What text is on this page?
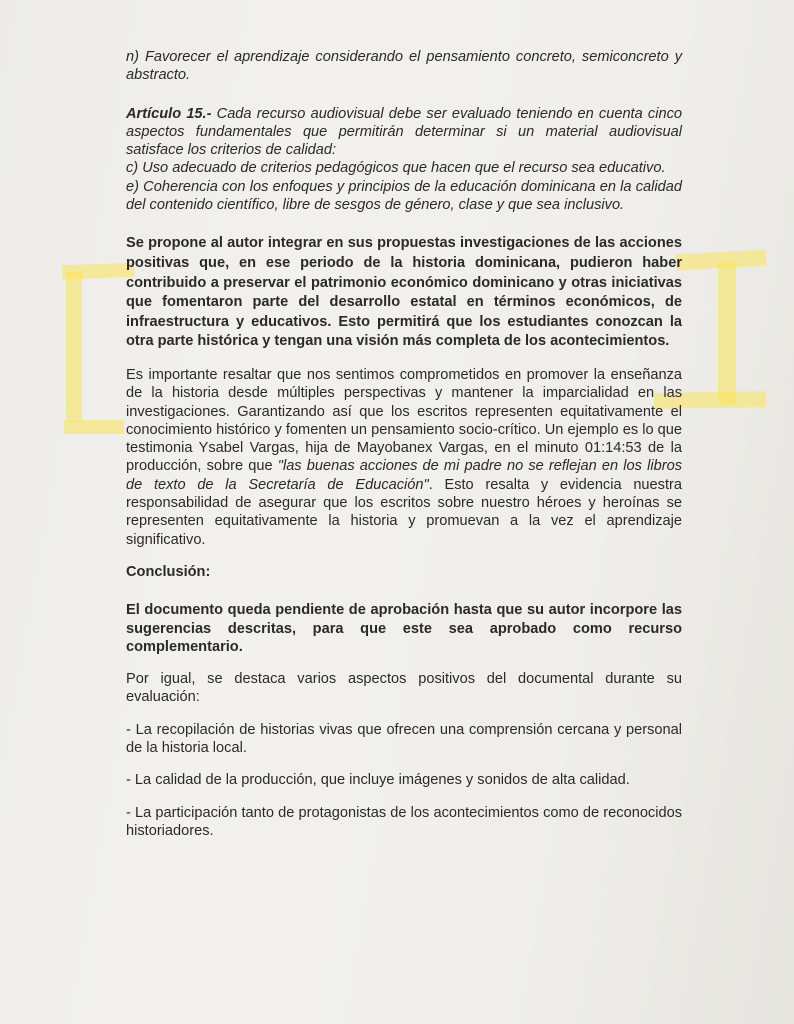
n) Favorecer el aprendizaje considerando el pensamiento concreto, semiconcreto y abstracto.

Artículo 15.- Cada recurso audiovisual debe ser evaluado teniendo en cuenta cinco aspectos fundamentales que permitirán determinar si un material audiovisual satisface los criterios de calidad:

c) Uso adecuado de criterios pedagógicos que hacen que el recurso sea educativo.

e) Coherencia con los enfoques y principios de la educación dominicana en la calidad del contenido científico, libre de sesgos de género, clase y que sea inclusivo.

Se propone al autor integrar en sus propuestas investigaciones de las acciones positivas que, en ese periodo de la historia dominicana, pudieron haber contribuido a preservar el patrimonio económico dominicano y otras iniciativas que fomentaron parte del desarrollo estatal en términos económicos, de infraestructura y educativos. Esto permitirá que los estudiantes conozcan la otra parte histórica y tengan una visión más completa de los acontecimientos.

Es importante resaltar que nos sentimos comprometidos en promover la enseñanza de la historia desde múltiples perspectivas y mantener la imparcialidad en las investigaciones. Garantizando así que los escritos representen equitativamente el conocimiento histórico y fomenten un pensamiento socio-crítico. Un ejemplo es lo que testimonia Ysabel Vargas, hija de Mayobanex Vargas, en el minuto 01:14:53 de la producción, sobre que "las buenas acciones de mi padre no se reflejan en los libros de texto de la Secretaría de Educación". Esto resalta y evidencia nuestra responsabilidad de asegurar que los escritos sobre nuestro héroes y heroínas se representen equitativamente la historia y promuevan a la vez el aprendizaje significativo.

Conclusión:

El documento queda pendiente de aprobación hasta que su autor incorpore las sugerencias descritas, para que este sea aprobado como recurso complementario.

Por igual, se destaca varios aspectos positivos del documental durante su evaluación:

- La recopilación de historias vivas que ofrecen una comprensión cercana y personal de la historia local.

- La calidad de la producción, que incluye imágenes y sonidos de alta calidad.

- La participación tanto de protagonistas de los acontecimientos como de reconocidos historiadores.
